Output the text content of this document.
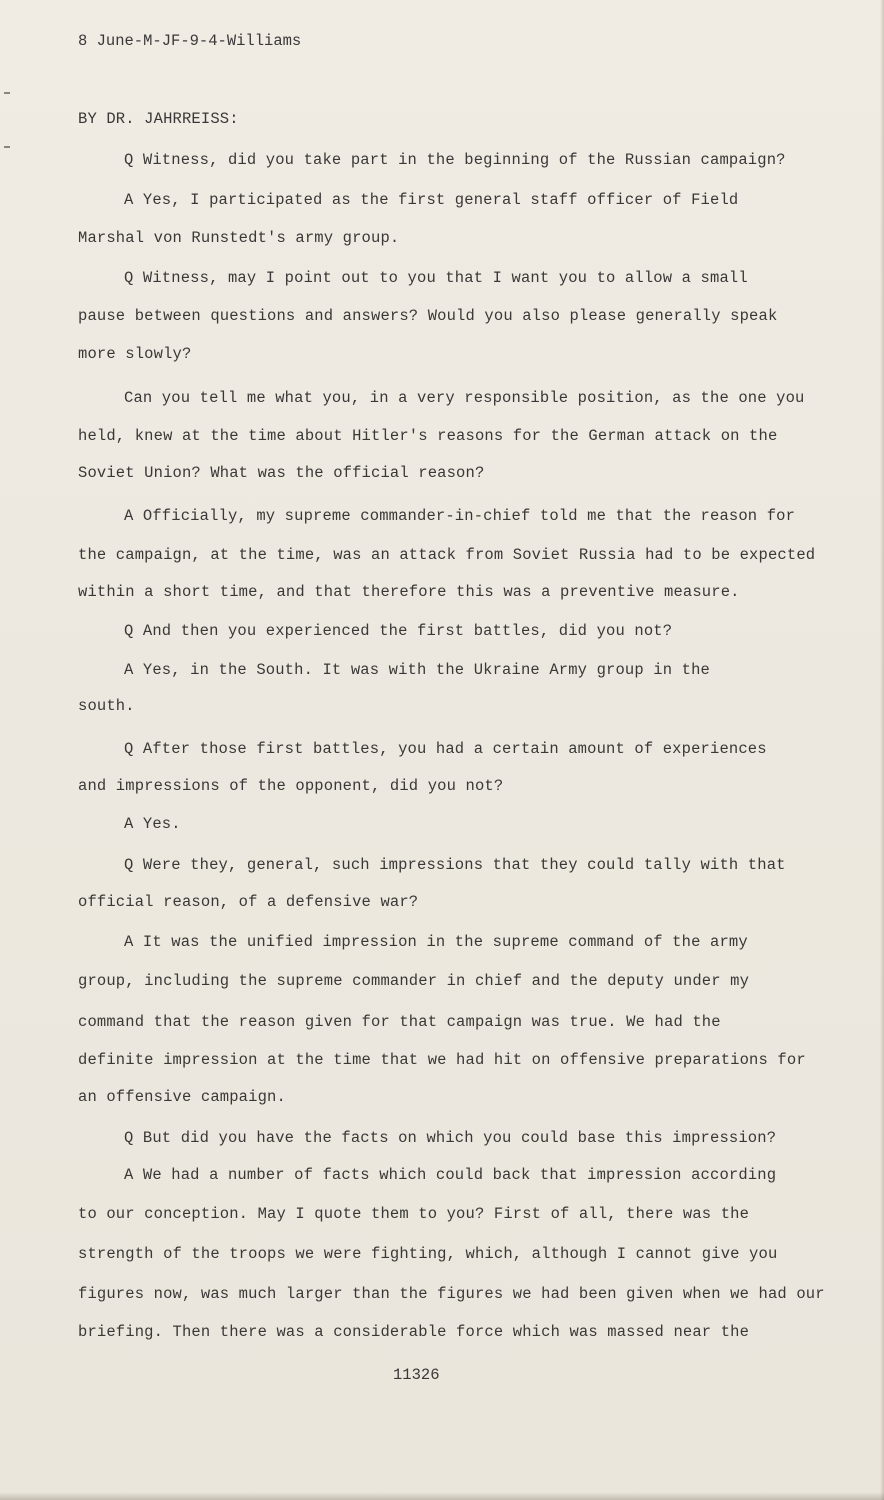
8 June-M-JF-9-4-Williams
BY DR. JAHRREISS:
Q Witness, did you take part in the beginning of the Russian campaign?
A Yes, I participated as the first general staff officer of Field
Marshal von Runstedt's army group.
Q Witness, may I point out to you that I want you to allow a small
pause between questions and answers? Would you also please generally speak
more slowly?
Can you tell me what you, in a very responsible position, as the one you
held, knew at the time about Hitler's reasons for the German attack on the
Soviet Union? What was the official reason?
A Officially, my supreme commander-in-chief told me that the reason for
the campaign, at the time, was an attack from Soviet Russia had to be expected
within a short time, and that therefore this was a preventive measure.
Q And then you experienced the first battles, did you not?
A Yes, in the South. It was with the Ukraine Army group in the
south.
Q After those first battles, you had a certain amount of experiences
and impressions of the opponent, did you not?
A Yes.
Q Were they, general, such impressions that they could tally with that
official reason, of a defensive war?
A It was the unified impression in the supreme command of the army
group, including the supreme commander in chief and the deputy under my
command that the reason given for that campaign was true. We had the
definite impression at the time that we had hit on offensive preparations for
an offensive campaign.
Q But did you have the facts on which you could base this impression?
A We had a number of facts which could back that impression according
to our conception. May I quote them to you? First of all, there was the
strength of the troops we were fighting, which, although I cannot give you
figures now, was much larger than the figures we had been given when we had our
briefing. Then there was a considerable force which was massed near the
11326
